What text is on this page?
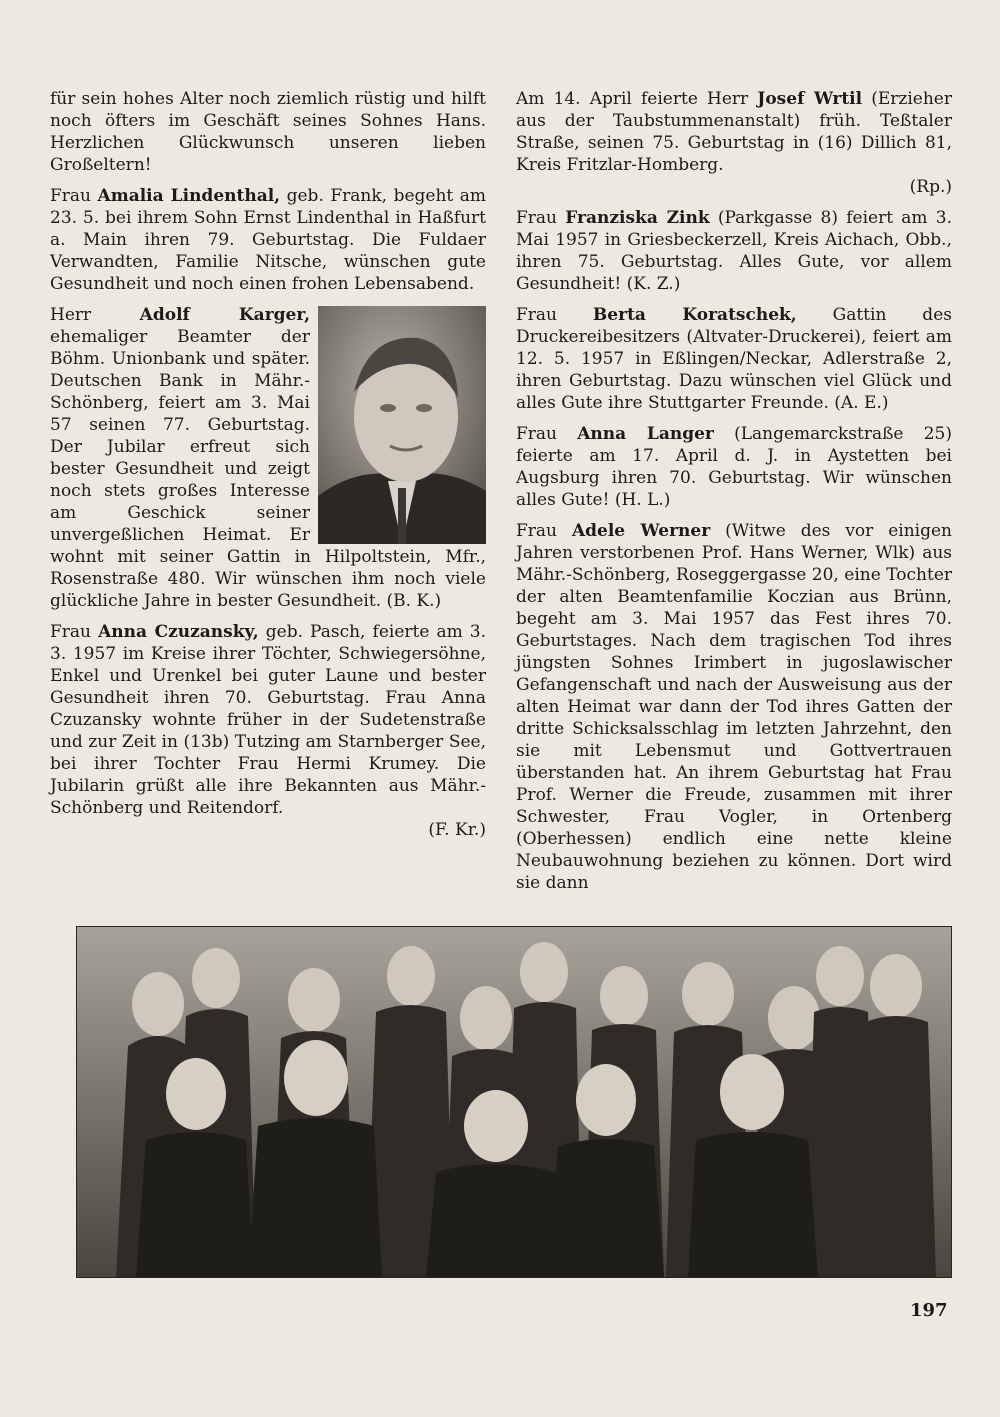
für sein hohes Alter noch ziemlich rüstig und hilft noch öfters im Geschäft seines Sohnes Hans. Herzlichen Glückwunsch unseren lieben Großeltern!

Frau Amalia Lindenthal, geb. Frank, begeht am 23. 5. bei ihrem Sohn Ernst Lindenthal in Haßfurt a. Main ihren 79. Geburtstag. Die Fuldaer Verwandten, Familie Nitsche, wünschen gute Gesundheit und noch einen frohen Lebensabend.

Herr Adolf Karger, ehemaliger Beamter der Böhm. Unionbank und später. Deutschen Bank in Mähr.-Schönberg, feiert am 3. Mai 57 seinen 77. Geburtstag. Der Jubilar erfreut sich bester Gesundheit und zeigt noch stets großes Interesse am Geschick seiner unvergeßlichen Heimat. Er wohnt mit seiner Gattin in Hilpoltstein, Mfr., Rosenstraße 480. Wir wünschen ihm noch viele glückliche Jahre in bester Gesundheit. (B. K.)

Frau Anna Czuzansky, geb. Pasch, feierte am 3. 3. 1957 im Kreise ihrer Töchter, Schwiegersöhne, Enkel und Urenkel bei guter Laune und bester Gesundheit ihren 70. Geburtstag. Frau Anna Czuzansky wohnte früher in der Sudetenstraße und zur Zeit in (13b) Tutzing am Starnberger See, bei ihrer Tochter Frau Hermi Krumey. Die Jubilarin grüßt alle ihre Bekannten aus Mähr.-Schönberg und Reitendorf.
(F. Kr.)

Am 14. April feierte Herr Josef Wrtil (Erzieher aus der Taubstummenanstalt) früh. Teßtaler Straße, seinen 75. Geburtstag in (16) Dillich 81, Kreis Fritzlar-Homberg.
(Rp.)

Frau Franziska Zink (Parkgasse 8) feiert am 3. Mai 1957 in Griesbeckerzell, Kreis Aichach, Obb., ihren 75. Geburtstag. Alles Gute, vor allem Gesundheit! (K. Z.)

Frau Berta Koratschek, Gattin des Druckereibesitzers (Altvater-Druckerei), feiert am 12. 5. 1957 in Eßlingen/Neckar, Adlerstraße 2, ihren Geburtstag. Dazu wünschen viel Glück und alles Gute ihre Stuttgarter Freunde. (A. E.)

Frau Anna Langer (Langemarckstraße 25) feierte am 17. April d. J. in Aystetten bei Augsburg ihren 70. Geburtstag. Wir wünschen alles Gute! (H. L.)

Frau Adele Werner (Witwe des vor einigen Jahren verstorbenen Prof. Hans Werner, Wlk) aus Mähr.-Schönberg, Roseggergasse 20, eine Tochter der alten Beamtenfamilie Koczian aus Brünn, begeht am 3. Mai 1957 das Fest ihres 70. Geburtstages. Nach dem tragischen Tod ihres jüngsten Sohnes Irimbert in jugoslawischer Gefangenschaft und nach der Ausweisung aus der alten Heimat war dann der Tod ihres Gatten der dritte Schicksalsschlag im letzten Jahrzehnt, den sie mit Lebensmut und Gottvertrauen überstanden hat. An ihrem Geburtstag hat Frau Prof. Werner die Freude, zusammen mit ihrer Schwester, Frau Vogler, in Ortenberg (Oberhessen) endlich eine nette kleine Neubauwohnung beziehen zu können. Dort wird sie dann

197
